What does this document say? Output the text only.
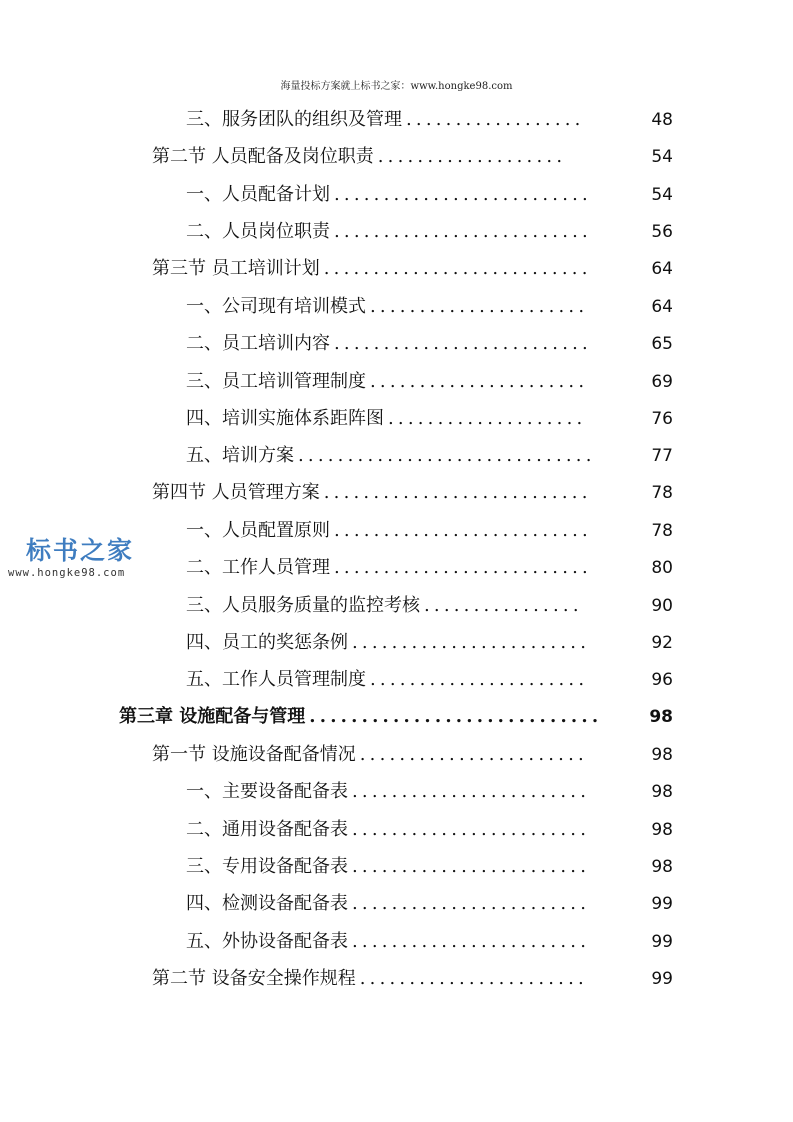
海量投标方案就上标书之家：www.hongke98.com
三、服务团队的组织及管理 ..................	48
第二节 人员配备及岗位职责 ...................	54
一、人员配备计划 ..........................	54
二、人员岗位职责 ..........................	56
第三节 员工培训计划 ...........................	64
一、公司现有培训模式 ......................	64
二、员工培训内容 ..........................	65
三、员工培训管理制度 ......................	69
四、培训实施体系距阵图 ....................	76
五、培训方案 ..............................	77
第四节 人员管理方案 ...........................	78
一、人员配置原则 ..........................	78
二、工作人员管理 ..........................	80
三、人员服务质量的监控考核 ................	90
四、员工的奖惩条例 ........................	92
五、工作人员管理制度 ......................	96
第三章 设施配备与管理 ............................	98
第一节 设施设备配备情况 .......................	98
一、主要设备配备表 ........................	98
二、通用设备配备表 ........................	98
三、专用设备配备表 ........................	98
四、检测设备配备表 ........................	99
五、外协设备配备表 ........................	99
第二节 设备安全操作规程 .......................	99
标书之家
www.hongke98.com
